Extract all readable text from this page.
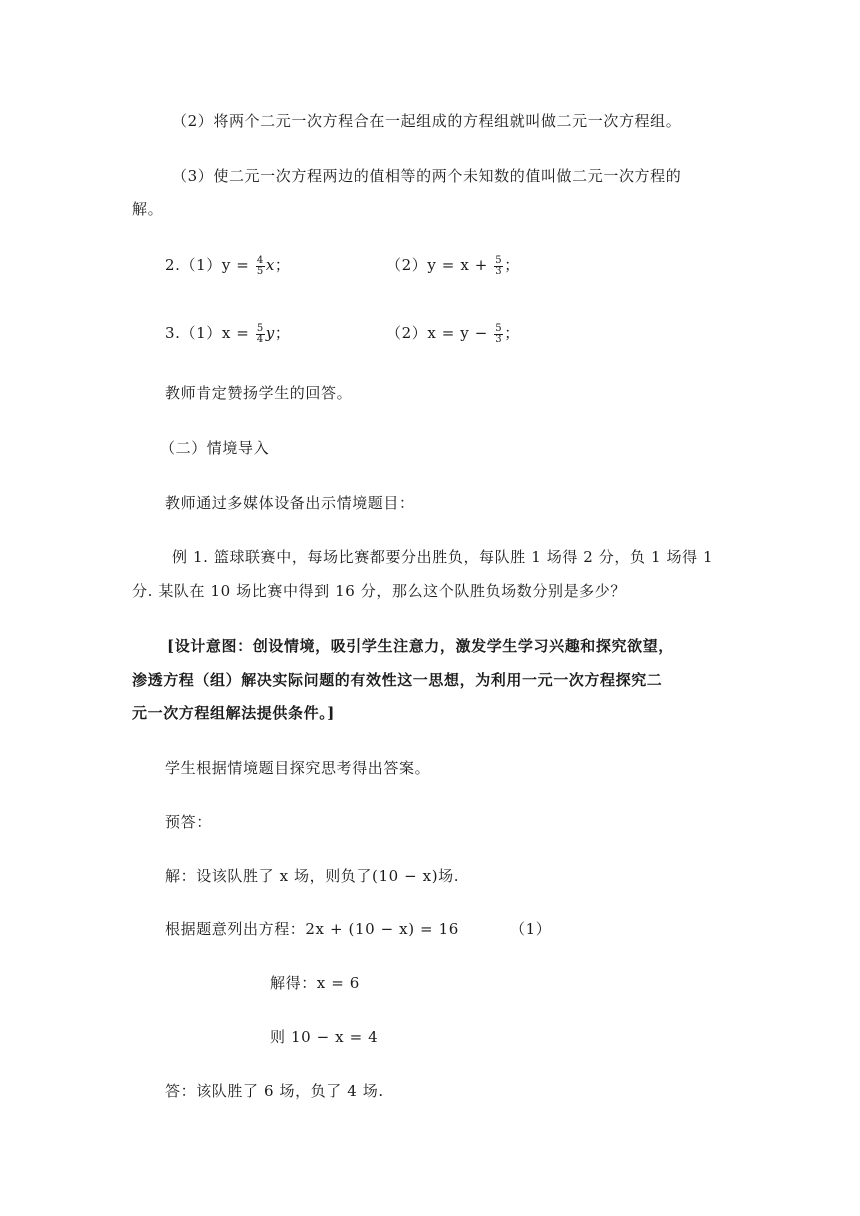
（2）将两个二元一次方程合在一起组成的方程组就叫做二元一次方程组。
（3）使二元一次方程两边的值相等的两个未知数的值叫做二元一次方程的
解。
$2.(1)y = \frac{4}{5}$ x；	$(2)y = x + \frac{5}{3}$ ；
$3.(1)x = \frac{5}{4}$ y；	$(2)x = y - \frac{5}{3}$ ；
教师肯定赞扬学生的回答。
（二）情境导入
教师通过多媒体设备出示情境题目：
例 1. 篮球联赛中，每场比赛都要分出胜负，每队胜 1 场得 2 分，负 1 场得 1
分. 某队在 10 场比赛中得到 16 分，那么这个队胜负场数分别是多少？
[设计意图：创设情境，吸引学生注意力，激发学生学习兴趣和探究欲望，
渗透方程（组）解决实际问题的有效性这一思想，为利用一元一次方程探究二
元一次方程组解法提供条件。]
学生根据情境题目探究思考得出答案。
预答：
解：设该队胜了 x 场，则负了(10 − x)场.
根据题意列出方程：2x + (10 − x) = 16	（1）
解得：x = 6
则 10 − x = 4
答：该队胜了 6 场，负了 4 场.
